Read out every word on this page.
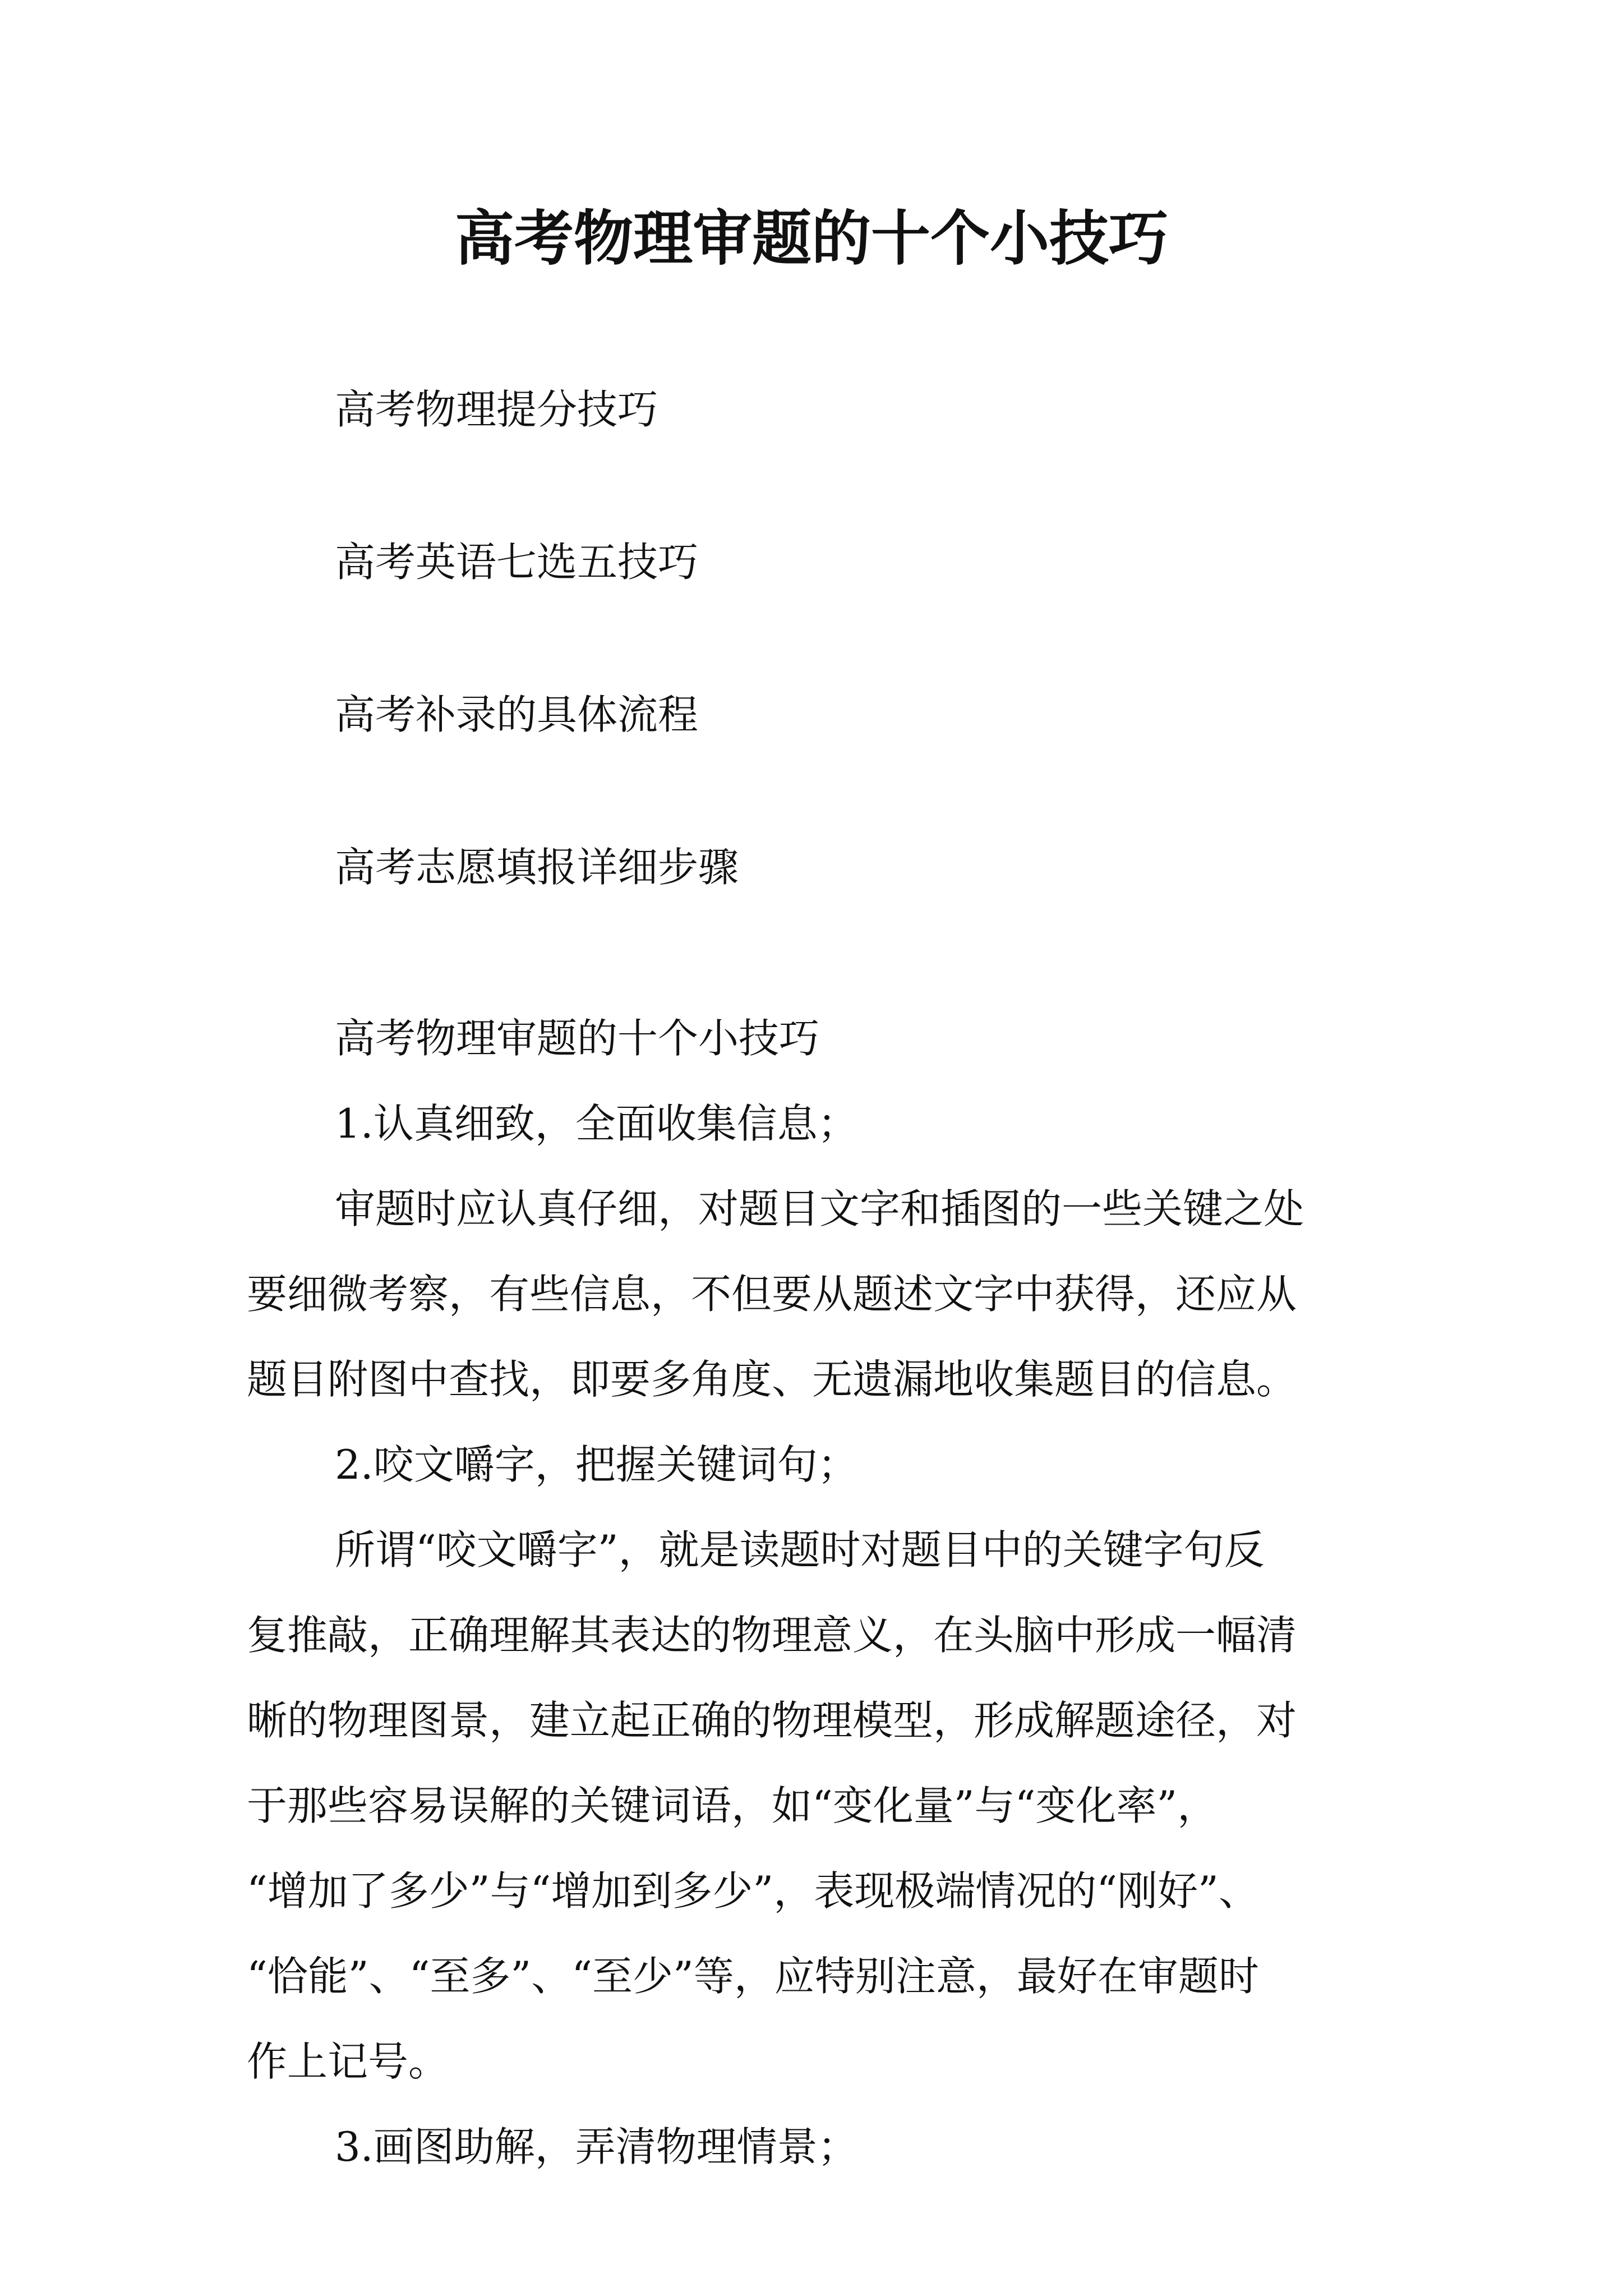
高考物理审题的十个小技巧

高考物理提分技巧

高考英语七选五技巧

高考补录的具体流程

高考志愿填报详细步骤

高考物理审题的十个小技巧

1.认真细致，全面收集信息；

审题时应认真仔细，对题目文字和插图的一些关键之处

要细微考察，有些信息，不但要从题述文字中获得，还应从

题目附图中查找，即要多角度、无遗漏地收集题目的信息。

2.咬文嚼字，把握关键词句；

所谓“咬文嚼字”，就是读题时对题目中的关键字句反

复推敲，正确理解其表达的物理意义，在头脑中形成一幅清

晰的物理图景，建立起正确的物理模型，形成解题途径，对

于那些容易误解的关键词语，如“变化量”与“变化率”，

“增加了多少”与“增加到多少”，表现极端情况的“刚好”、

“恰能”、“至多”、“至少”等，应特别注意，最好在审题时

作上记号。

3.画图助解，弄清物理情景；
